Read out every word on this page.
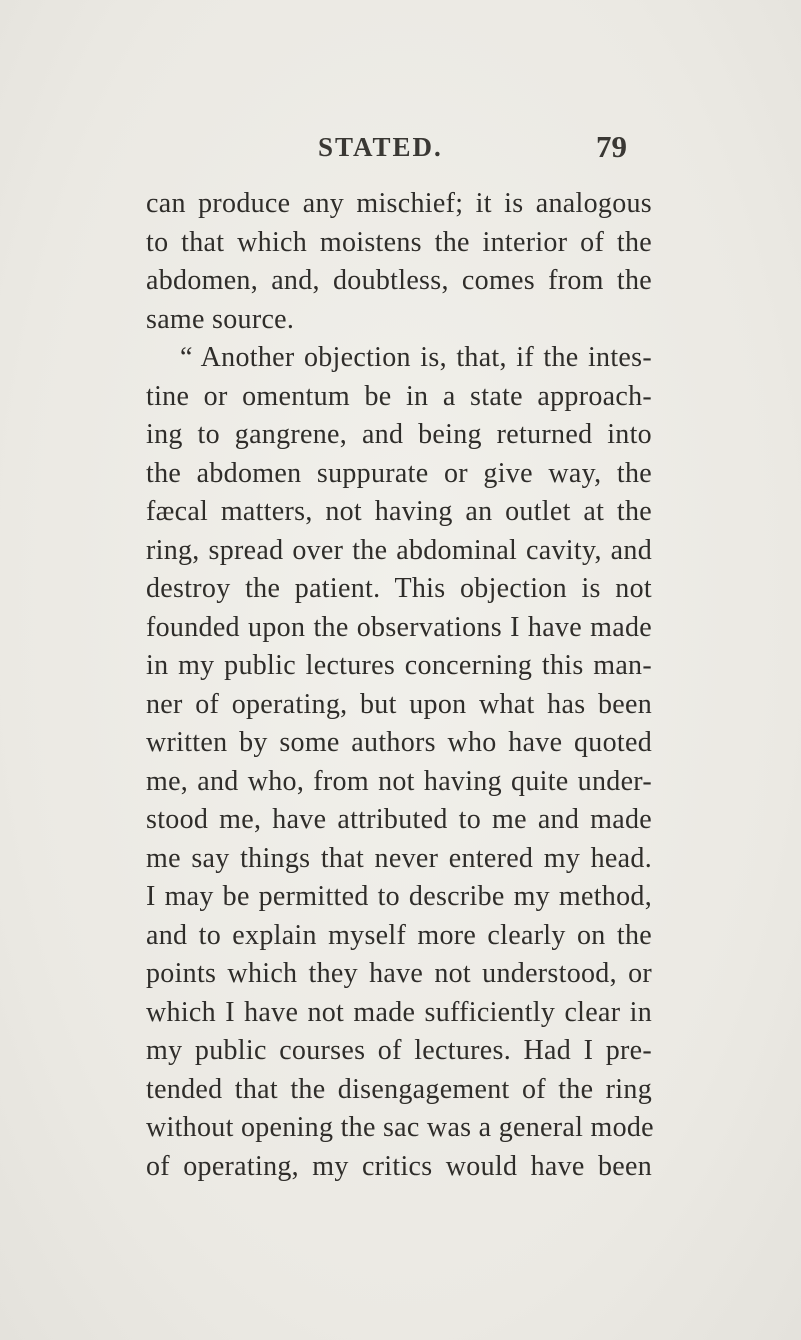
STATED.	79
can produce any mischief; it is analogous
to that which moistens the interior of the
abdomen, and, doubtless, comes from the
same source.
“ Another objection is, that, if the intes-
tine or omentum be in a state approach-
ing to gangrene, and being returned into
the abdomen suppurate or give way, the
fæcal matters, not having an outlet at the
ring, spread over the abdominal cavity, and
destroy the patient. This objection is not
founded upon the observations I have made
in my public lectures concerning this man-
ner of operating, but upon what has been
written by some authors who have quoted
me, and who, from not having quite under-
stood me, have attributed to me and made
me say things that never entered my head.
I may be permitted to describe my method,
and to explain myself more clearly on the
points which they have not understood, or
which I have not made sufficiently clear in
my public courses of lectures. Had I pre-
tended that the disengagement of the ring
without opening the sac was a general mode
of operating, my critics would have been
